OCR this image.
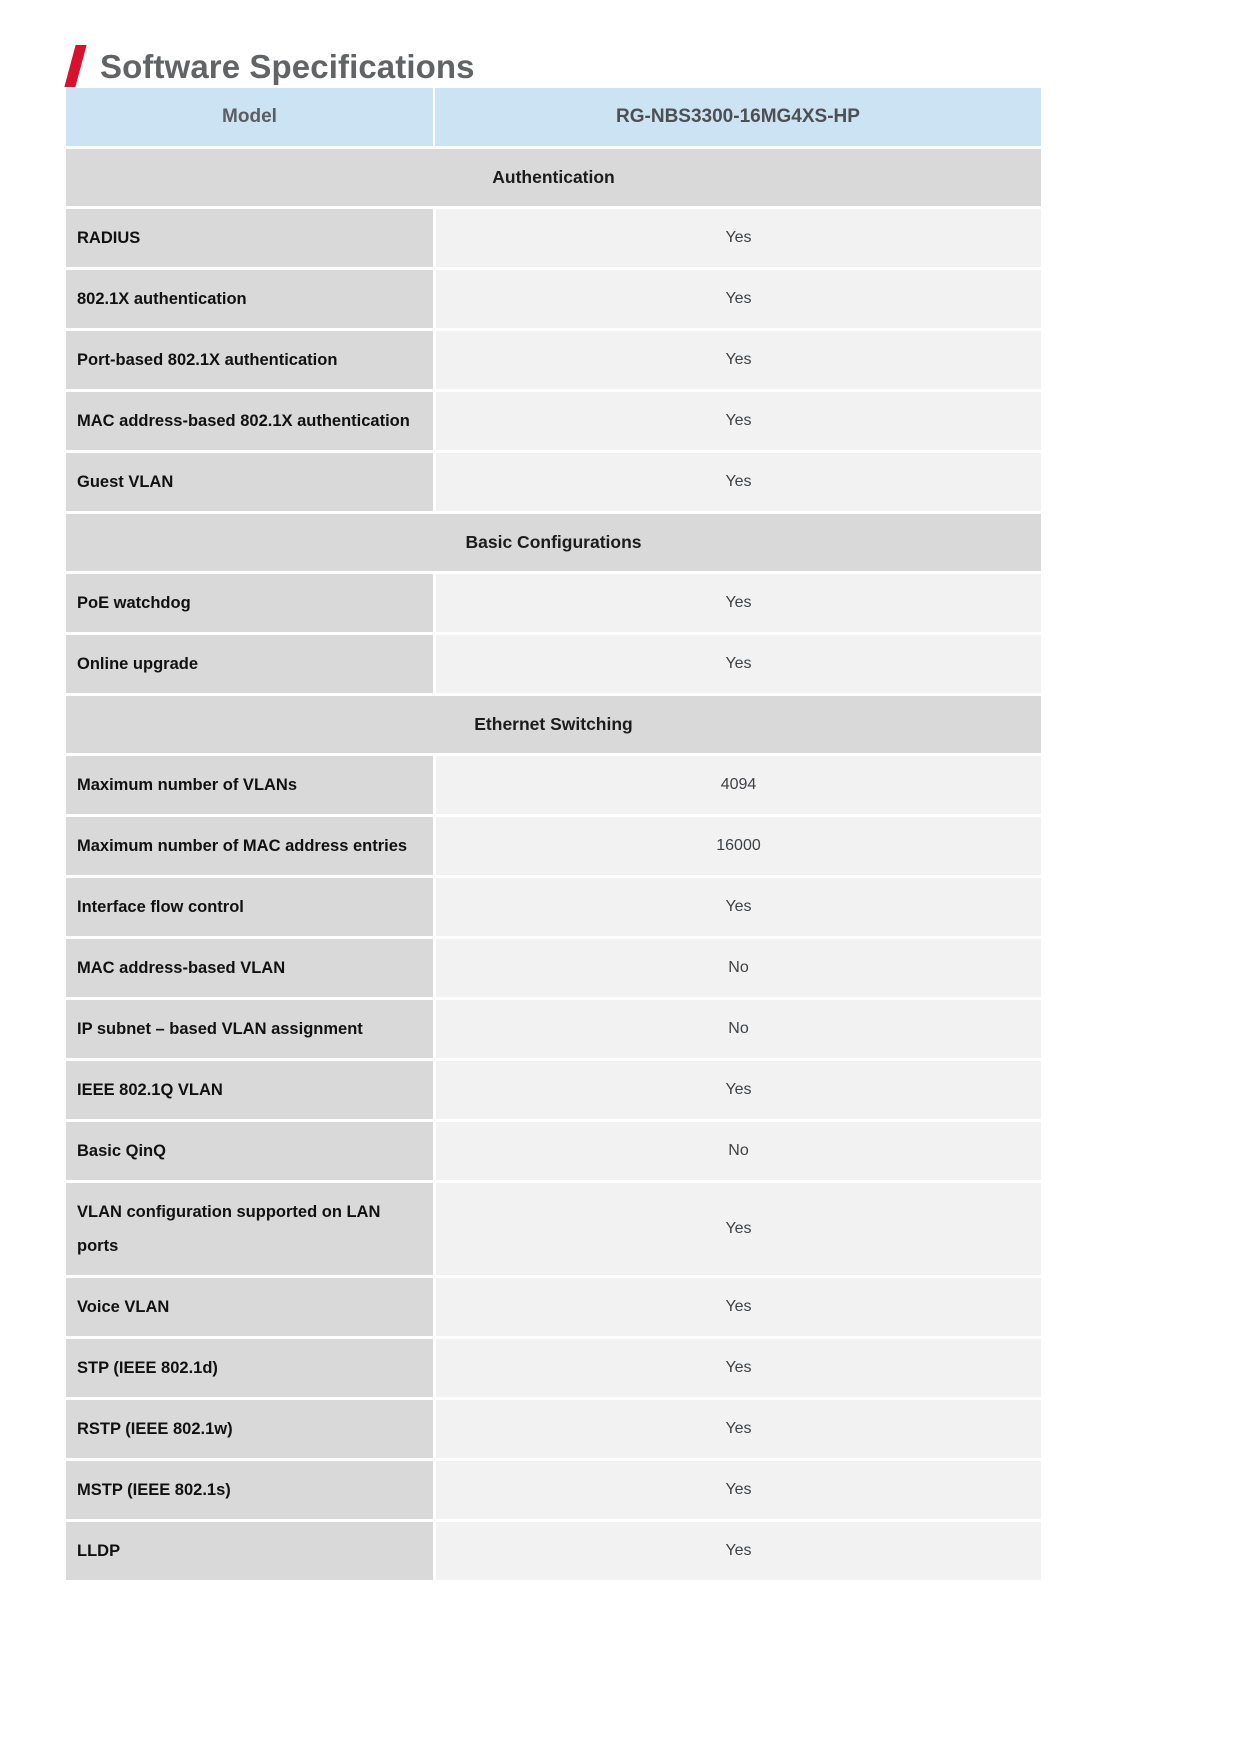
Software Specifications
Model	RG-NBS3300-16MG4XS-HP
Authentication	
RADIUS	Yes
802.1X authentication	Yes
Port-based 802.1X authentication	Yes
MAC address-based 802.1X authentication	Yes
Guest VLAN	Yes
Basic Configurations	
PoE watchdog	Yes
Online upgrade	Yes
Ethernet Switching	
Maximum number of VLANs	4094
Maximum number of MAC address entries	16000
Interface flow control	Yes
MAC address-based VLAN	No
IP subnet – based VLAN assignment	No
IEEE 802.1Q VLAN	Yes
Basic QinQ	No
VLAN configuration supported on LAN ports	Yes
Voice VLAN	Yes
STP (IEEE 802.1d)	Yes
RSTP (IEEE 802.1w)	Yes
MSTP (IEEE 802.1s)	Yes
LLDP	Yes
